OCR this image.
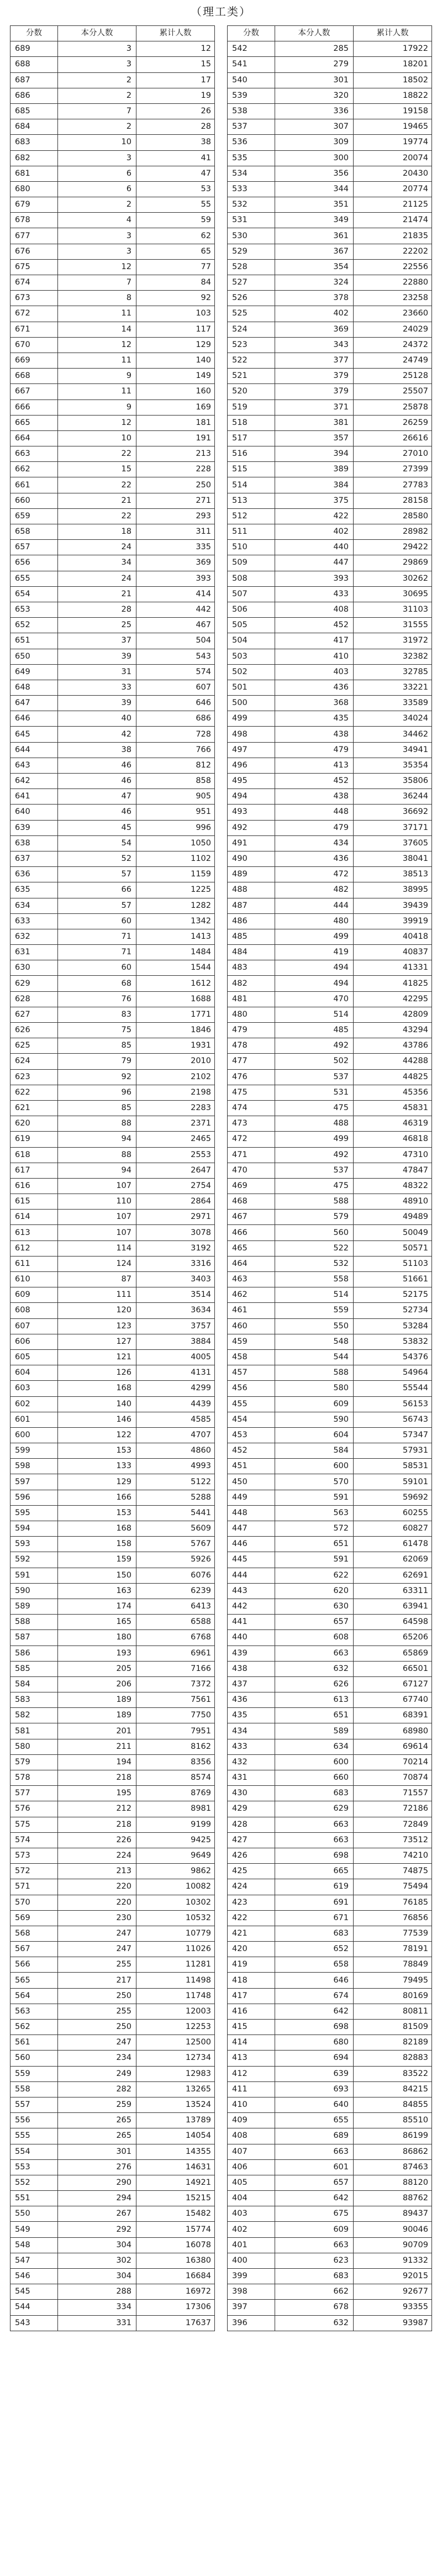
（理工类）
分数	本分人数	累计人数
689	3	12
688	3	15
687	2	17
686	2	19
685	7	26
684	2	28
683	10	38
682	3	41
681	6	47
680	6	53
679	2	55
678	4	59
677	3	62
676	3	65
675	12	77
674	7	84
673	8	92
672	11	103
671	14	117
670	12	129
669	11	140
668	9	149
667	11	160
666	9	169
665	12	181
664	10	191
663	22	213
662	15	228
661	22	250
660	21	271
659	22	293
658	18	311
657	24	335
656	34	369
655	24	393
654	21	414
653	28	442
652	25	467
651	37	504
650	39	543
649	31	574
648	33	607
647	39	646
646	40	686
645	42	728
644	38	766
643	46	812
642	46	858
641	47	905
640	46	951
639	45	996
638	54	1050
637	52	1102
636	57	1159
635	66	1225
634	57	1282
633	60	1342
632	71	1413
631	71	1484
630	60	1544
629	68	1612
628	76	1688
627	83	1771
626	75	1846
625	85	1931
624	79	2010
623	92	2102
622	96	2198
621	85	2283
620	88	2371
619	94	2465
618	88	2553
617	94	2647
616	107	2754
615	110	2864
614	107	2971
613	107	3078
612	114	3192
611	124	3316
610	87	3403
609	111	3514
608	120	3634
607	123	3757
606	127	3884
605	121	4005
604	126	4131
603	168	4299
602	140	4439
601	146	4585
600	122	4707
599	153	4860
598	133	4993
597	129	5122
596	166	5288
595	153	5441
594	168	5609
593	158	5767
592	159	5926
591	150	6076
590	163	6239
589	174	6413
588	165	6588
587	180	6768
586	193	6961
585	205	7166
584	206	7372
583	189	7561
582	189	7750
581	201	7951
580	211	8162
579	194	8356
578	218	8574
577	195	8769
576	212	8981
575	218	9199
574	226	9425
573	224	9649
572	213	9862
571	220	10082
570	220	10302
569	230	10532
568	247	10779
567	247	11026
566	255	11281
565	217	11498
564	250	11748
563	255	12003
562	250	12253
561	247	12500
560	234	12734
559	249	12983
558	282	13265
557	259	13524
556	265	13789
555	265	14054
554	301	14355
553	276	14631
552	290	14921
551	294	15215
550	267	15482
549	292	15774
548	304	16078
547	302	16380
546	304	16684
545	288	16972
544	334	17306
543	331	17637
分数	本分人数	累计人数
542	285	17922
541	279	18201
540	301	18502
539	320	18822
538	336	19158
537	307	19465
536	309	19774
535	300	20074
534	356	20430
533	344	20774
532	351	21125
531	349	21474
530	361	21835
529	367	22202
528	354	22556
527	324	22880
526	378	23258
525	402	23660
524	369	24029
523	343	24372
522	377	24749
521	379	25128
520	379	25507
519	371	25878
518	381	26259
517	357	26616
516	394	27010
515	389	27399
514	384	27783
513	375	28158
512	422	28580
511	402	28982
510	440	29422
509	447	29869
508	393	30262
507	433	30695
506	408	31103
505	452	31555
504	417	31972
503	410	32382
502	403	32785
501	436	33221
500	368	33589
499	435	34024
498	438	34462
497	479	34941
496	413	35354
495	452	35806
494	438	36244
493	448	36692
492	479	37171
491	434	37605
490	436	38041
489	472	38513
488	482	38995
487	444	39439
486	480	39919
485	499	40418
484	419	40837
483	494	41331
482	494	41825
481	470	42295
480	514	42809
479	485	43294
478	492	43786
477	502	44288
476	537	44825
475	531	45356
474	475	45831
473	488	46319
472	499	46818
471	492	47310
470	537	47847
469	475	48322
468	588	48910
467	579	49489
466	560	50049
465	522	50571
464	532	51103
463	558	51661
462	514	52175
461	559	52734
460	550	53284
459	548	53832
458	544	54376
457	588	54964
456	580	55544
455	609	56153
454	590	56743
453	604	57347
452	584	57931
451	600	58531
450	570	59101
449	591	59692
448	563	60255
447	572	60827
446	651	61478
445	591	62069
444	622	62691
443	620	63311
442	630	63941
441	657	64598
440	608	65206
439	663	65869
438	632	66501
437	626	67127
436	613	67740
435	651	68391
434	589	68980
433	634	69614
432	600	70214
431	660	70874
430	683	71557
429	629	72186
428	663	72849
427	663	73512
426	698	74210
425	665	74875
424	619	75494
423	691	76185
422	671	76856
421	683	77539
420	652	78191
419	658	78849
418	646	79495
417	674	80169
416	642	80811
415	698	81509
414	680	82189
413	694	82883
412	639	83522
411	693	84215
410	640	84855
409	655	85510
408	689	86199
407	663	86862
406	601	87463
405	657	88120
404	642	88762
403	675	89437
402	609	90046
401	663	90709
400	623	91332
399	683	92015
398	662	92677
397	678	93355
396	632	93987
